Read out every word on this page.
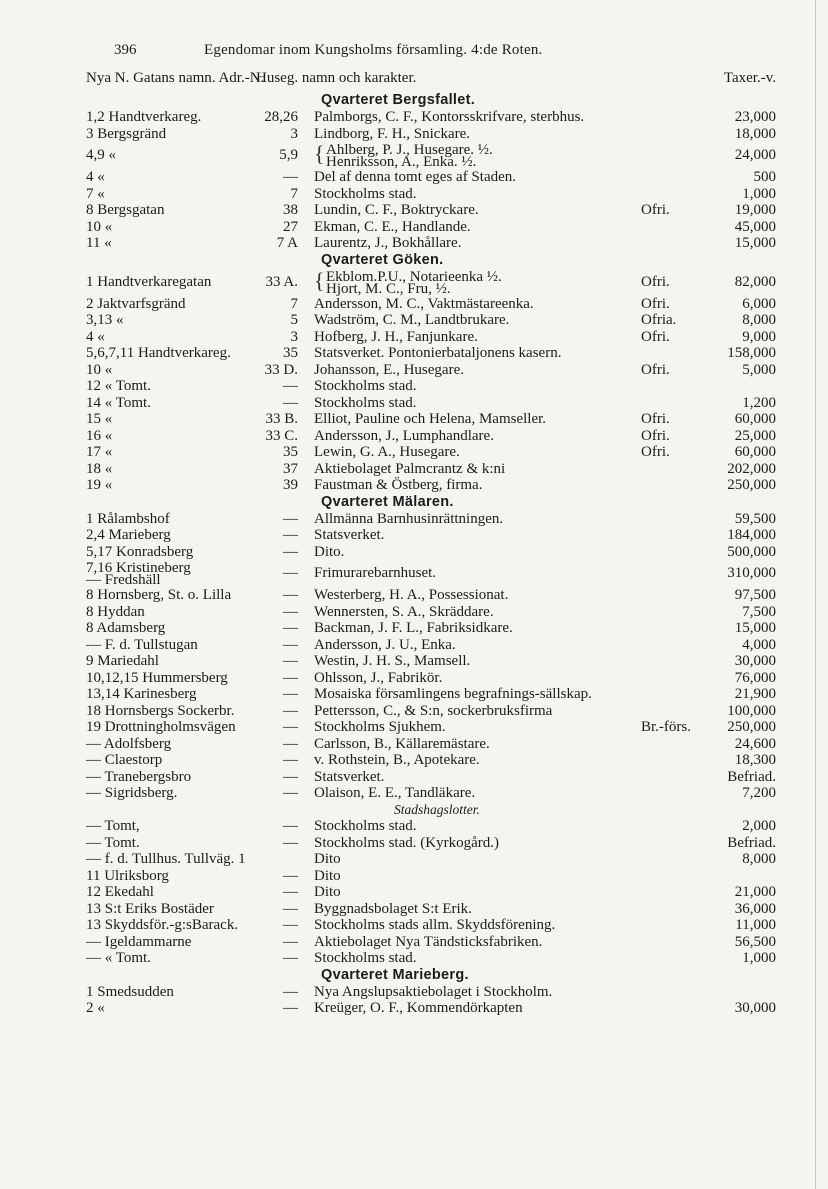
396	Egendomar inom Kungsholms församling. 4:de Roten.
Nya N. Gatans namn. Adr.-N.
Huseg. namn och karakter.	Taxer.-v.
Qvarteret Bergsfallet.
1,2 Handtverkareg.	28,26 Palmborgs, C. F., Kontorsskrifvare, sterbhus.	23,000
3 Bergsgränd	3 Lindborg, F. H., Snickare.	18,000
4,9 «	5,9 { Ahlberg, P. J., Husegare. ½.
Henriksson, A., Enka. ½.	24,000
4 «	— Del af denna tomt eges af Staden.	500
7 «	7 Stockholms stad.	1,000
8 Bergsgatan	38 Lundin, C. F., Boktryckare.	Ofri.	19,000
10 «	27 Ekman, C. E., Handlande.	45,000
11 «	7 A Laurentz, J., Bokhållare.	15,000
Qvarteret Göken.
1 Handtverkaregatan	33 A. { Ekblom.P.U., Notarieenka ½.
Hjort, M. C., Fru, ½.	Ofri.	82,000
2 Jaktvarfsgränd	7 Andersson, M. C., Vaktmästareenka.	Ofri.	6,000
3,13 «	5 Wadström, C. M., Landtbrukare.	Ofria.	8,000
4 «	3 Hofberg, J. H., Fanjunkare.	Ofri.	9,000
5,6,7,11 Handtverkareg.	35 Statsverket. Pontonierbataljonens kasern.	158,000
10 «	33 D. Johansson, E., Husegare.	Ofri.	5,000
12 « Tomt.	— Stockholms stad.
14 « Tomt.	— Stockholms stad.	1,200
15 «	33 B. Elliot, Pauline och Helena, Mamseller.	Ofri.	60,000
16 «	33 C. Andersson, J., Lumphandlare.	Ofri.	25,000
17 «	35 Lewin, G. A., Husegare.	Ofri.	60,000
18 «	37 Aktiebolaget Palmcrantz & k:ni	202,000
19 «	39 Faustman & Östberg, firma.	250,000
Qvarteret Mälaren.
1 Rålambshof	— Allmänna Barnhusinrättningen.	59,500
2,4 Marieberg	— Statsverket.	184,000
5,17 Konradsberg	— Dito.	500,000
7,16 Kristineberg
— Fredshäll	— Frimurarebarnhuset.	310,000
8 Hornsberg, St. o. Lilla	— Westerberg, H. A., Possessionat.	97,500
8 Hyddan	— Wennersten, S. A., Skräddare.	7,500
8 Adamsberg	— Backman, J. F. L., Fabriksidkare.	15,000
— F. d. Tullstugan	— Andersson, J. U., Enka.	4,000
9 Mariedahl	— Westin, J. H. S., Mamsell.	30,000
10,12,15 Hummersberg	— Ohlsson, J., Fabrikör.	76,000
13,14 Karinesberg	— Mosaiska församlingens begrafnings-sällskap.	21,900
18 Hornsbergs Sockerbr.	— Pettersson, C., & S:n, sockerbruksfirma	100,000
19 Drottningholmsvägen	— Stockholms Sjukhem.	Br.-förs. 250,000
— Adolfsberg	— Carlsson, B., Källaremästare.	24,600
— Claestorp	— v. Rothstein, B., Apotekare.	18,300
— Tranebergsbro	— Statsverket.	Befriad.
— Sigridsberg.	— Olaison, E. E., Tandläkare.	7,200
Stadshagslotter.
— Tomt,	— Stockholms stad.	2,000
— Tomt.	— Stockholms stad. (Kyrkogård.)	Befriad.
— f. d. Tullhus. Tullväg. 1	Dito	8,000
11 Ulriksborg	— Dito
12 Ekedahl	— Dito	21,000
13 S:t Eriks Bostäder	— Byggnadsbolaget S:t Erik.	36,000
13 Skyddsför.-g:sBarack.	— Stockholms stads allm. Skyddsförening.	11,000
— Igeldammarne	— Aktiebolaget Nya Tändsticksfabriken.	56,500
— « Tomt.	— Stockholms stad.	1,000
Qvarteret Marieberg.
1 Smedsudden	— Nya Angslupsaktiebolaget i Stockholm.
2 «	— Kreüger, O. F., Kommendörkapten	30,000
